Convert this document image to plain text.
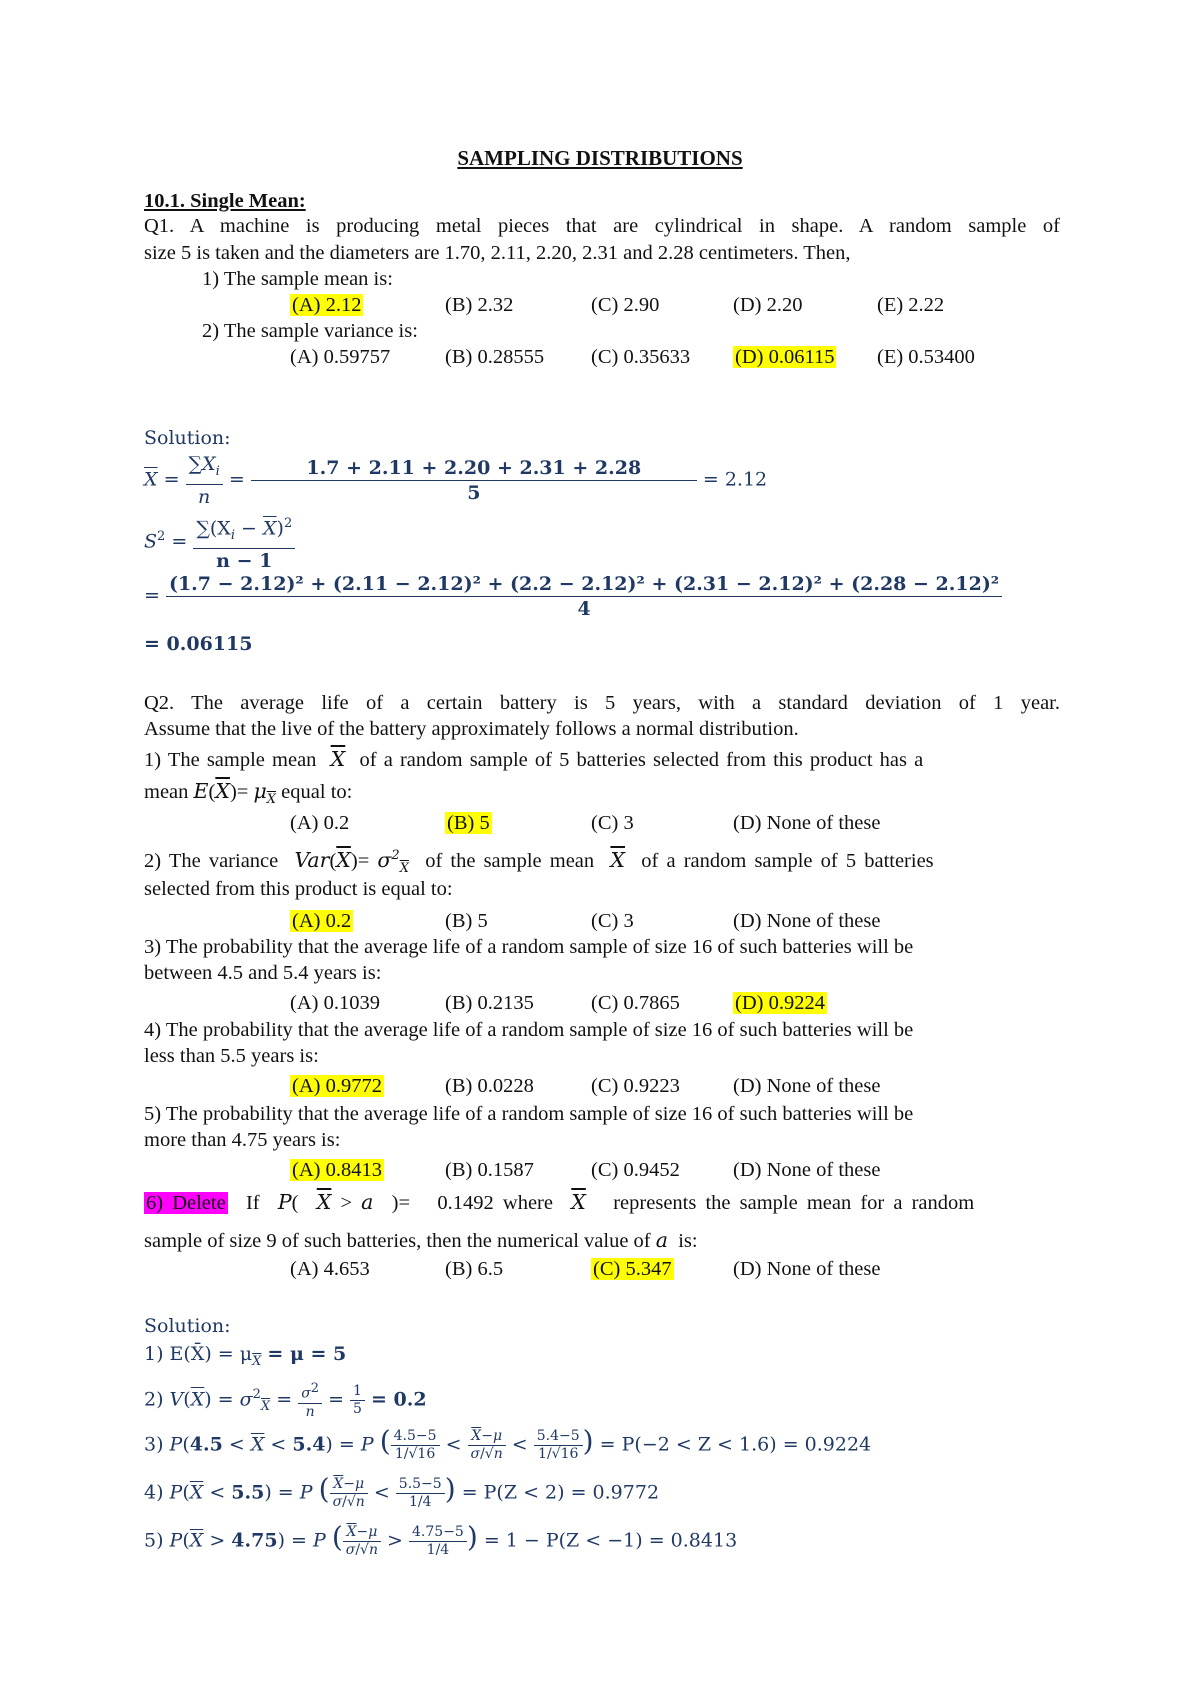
SAMPLING DISTRIBUTIONS
10.1. Single Mean:
Q1. A machine is producing metal pieces that are cylindrical in shape. A random sample of
size 5 is taken and the diameters are 1.70, 2.11, 2.20, 2.31 and 2.28 centimeters. Then,
1) The sample mean is:
(A) 2.12	(B) 2.32	(C) 2.90	(D) 2.20	(E) 2.22
2) The sample variance is:
(A) 0.59757	(B) 0.28555 (C) 0.35633 (D) 0.06115 (E) 0.53400
Solution:
$\overline{X} = \frac{\sum X_i}{n} = \frac{1.7 + 2.11 + 2.20 + 2.31 + 2.28}{5} = 2.12$
$S^2 = \frac{\sum(X_i - \overline{X})^2}{n - 1}$
=
(1.7 − 2.12)² + (2.11 − 2.12)² + (2.2 − 2.12)² + (2.31 − 2.12)² + (2.28 − 2.12)²
4
= 0.06115
Q2. The average life of a certain battery is 5 years, with a standard deviation of 1 year.
Assume that the live of the battery approximately follows a normal distribution.
1) The sample mean $\overline{X}$ of a random sample of 5 batteries selected from this product has a
mean $E(\overline{X})= \mu_{\overline{X}}$ equal to:
(A) 0.2	(B) 5	(C) 3	(D) None of these
2) The variance $Var(\overline{X})= \sigma^2_{\overline{X}}$ of the sample mean $\overline{X}$ of a random sample of 5 batteries
selected from this product is equal to:
(A) 0.2	(B) 5	(C) 3	(D) None of these
3) The probability that the average life of a random sample of size 16 of such batteries will be
between 4.5 and 5.4 years is:
(A) 0.1039	(B) 0.2135	(C) 0.7865	(D) 0.9224
4) The probability that the average life of a random sample of size 16 of such batteries will be
less than 5.5 years is:
(A) 0.9772	(B) 0.0228	(C) 0.9223	(D) None of these
5) The probability that the average life of a random sample of size 16 of such batteries will be
more than 4.75 years is:
(A) 0.8413	(B) 0.1587	(C) 0.9452	(D) None of these
6) Delete If P(  $\overline{X} > a$  )=   0.1492 where $\overline{X}$ represents the sample mean for a random
sample of size 9 of such batteries, then the numerical value of a is:
(A) 4.653	(B) 6.5	(C) 5.347	(D) None of these
Solution:
1) E(X̄) = $\mu_{\overline{X}} = \mu = 5$
2) $V(\overline{X}) = \sigma^2_{\overline{X}} = \frac{\sigma^2}{n} = \frac{1}{5} = 0.2$
3) $P(4.5 < \overline{X} < 5.4) = P$ ( $\frac{4.5-5}{1/√16} < \frac{\overline{X}-\mu}{\sigma/√n} < \frac{5.4-5}{1/√16}$ ) = P(−2 < Z < 1.6) = 0.9224
4) $P(\overline{X} < 5.5) = P$ ( $\frac{\overline{X}-\mu}{\sigma/√n} < \frac{5.5-5}{1/4}$ ) = P(Z < 2) = 0.9772
5) $P(\overline{X} > 4.75) = P$ ( $\frac{\overline{X}-\mu}{\sigma/√n} > \frac{4.75-5}{1/4}$ ) = 1 − P(Z < −1) = 0.8413
